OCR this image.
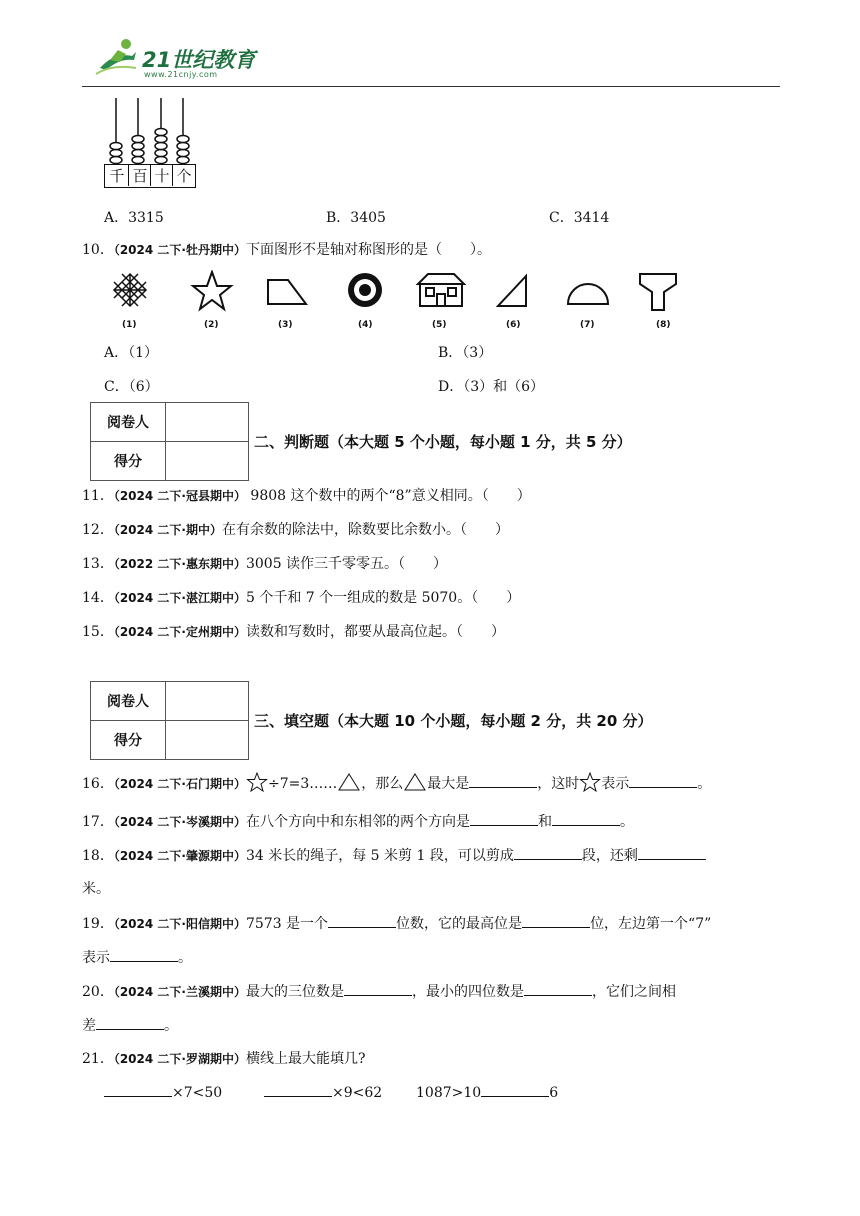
21世纪教育
www.21cnjy.com
千 百 十 个
A．3315	B．3405	C．3414
10．（2024 二下·牡丹期中）下面图形不是轴对称图形的是（　　）。
(1)	(2)	(3)	(4)	(5)	(6)	(7)	(8)
A．（1）	B．（3）
C．（6）	D．（3）和（6）
阅卷人	
得分	
二、判断题（本大题 5 个小题，每小题 1 分，共 5 分）
11．（2024 二下·冠县期中） 9808 这个数中的两个“8”意义相同。（　　）
12．（2024 二下·期中）在有余数的除法中，除数要比余数小。（　　）
13．（2022 二下·惠东期中）3005 读作三千零零五。（　　）
14．（2024 二下·湛江期中）5 个千和 7 个一组成的数是 5070。（　　）
15．（2024 二下·定州期中）读数和写数时，都要从最高位起。（　　）
阅卷人	
得分	
三、填空题（本大题 10 个小题，每小题 2 分，共 20 分）
16．（2024 二下·石门期中） ÷7=3…… ，那么 最大是	，这时 表示	。
17．（2024 二下·岑溪期中）在八个方向中和东相邻的两个方向是	和	。
18．（2024 二下·肇源期中）34 米长的绳子，每 5 米剪 1 段，可以剪成	段，还剩
米。
19．（2024 二下·阳信期中）7573 是一个	位数，它的最高位是	位，左边第一个“7”
表示	。
20．（2024 二下·兰溪期中）最大的三位数是	，最小的四位数是	，它们之间相
差	。
21．（2024 二下·罗湖期中）横线上最大能填几?
×7<50	×9<62 1087>10	6
